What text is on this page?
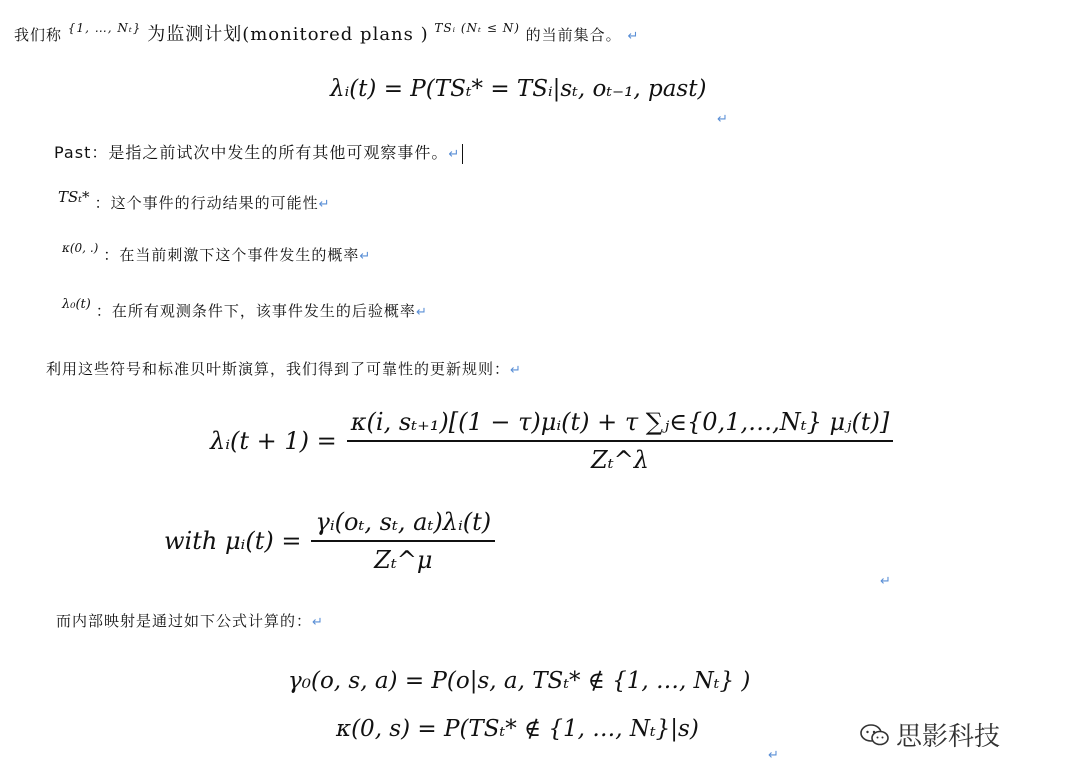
我们称 $^{\{1, \dots, N_t\}}$ 为监测计划(monitored plans ) $^{TSᵢ (N_t \le N)}$ 的当前集合。 ↵
λᵢ(t) = P(TSₜ* = TSᵢ|sₜ, oₜ₋₁, past)
↵
Past：是指之前试次中发生的所有其他可观察事件。↵
TSₜ* ：这个事件的行动结果的可能性↵
$^{\kappa(0, .)}$ ：在当前刺激下这个事件发生的概率↵
$^{\lambda_0(t)}$ ：在所有观测条件下，该事件发生的后验概率↵
利用这些符号和标准贝叶斯演算，我们得到了可靠性的更新规则：↵
λᵢ(t + $1) = \frac{\text{κ(i, sₜ₊₁)[(1 − τ)μᵢ(t) + τ ∑ⱼ∈\{0,1,…,Nₜ\} μⱼ(t)]}}{\text{Zₜ\textasciicircum{}λ}}$
with μᵢ(t) = $\frac{\text{γᵢ(oₜ, sₜ, aₜ)λᵢ(t)}}{\text{Zₜ\textasciicircum{}μ}}$
↵
而内部映射是通过如下公式计算的：↵
γ₀(o, s, a) = P(o|s, a, TSₜ* ∉ {1, …, Nₜ} )
κ(0, s) = P(TSₜ* ∉ {1, …, Nₜ}|s)
↵
思影科技
